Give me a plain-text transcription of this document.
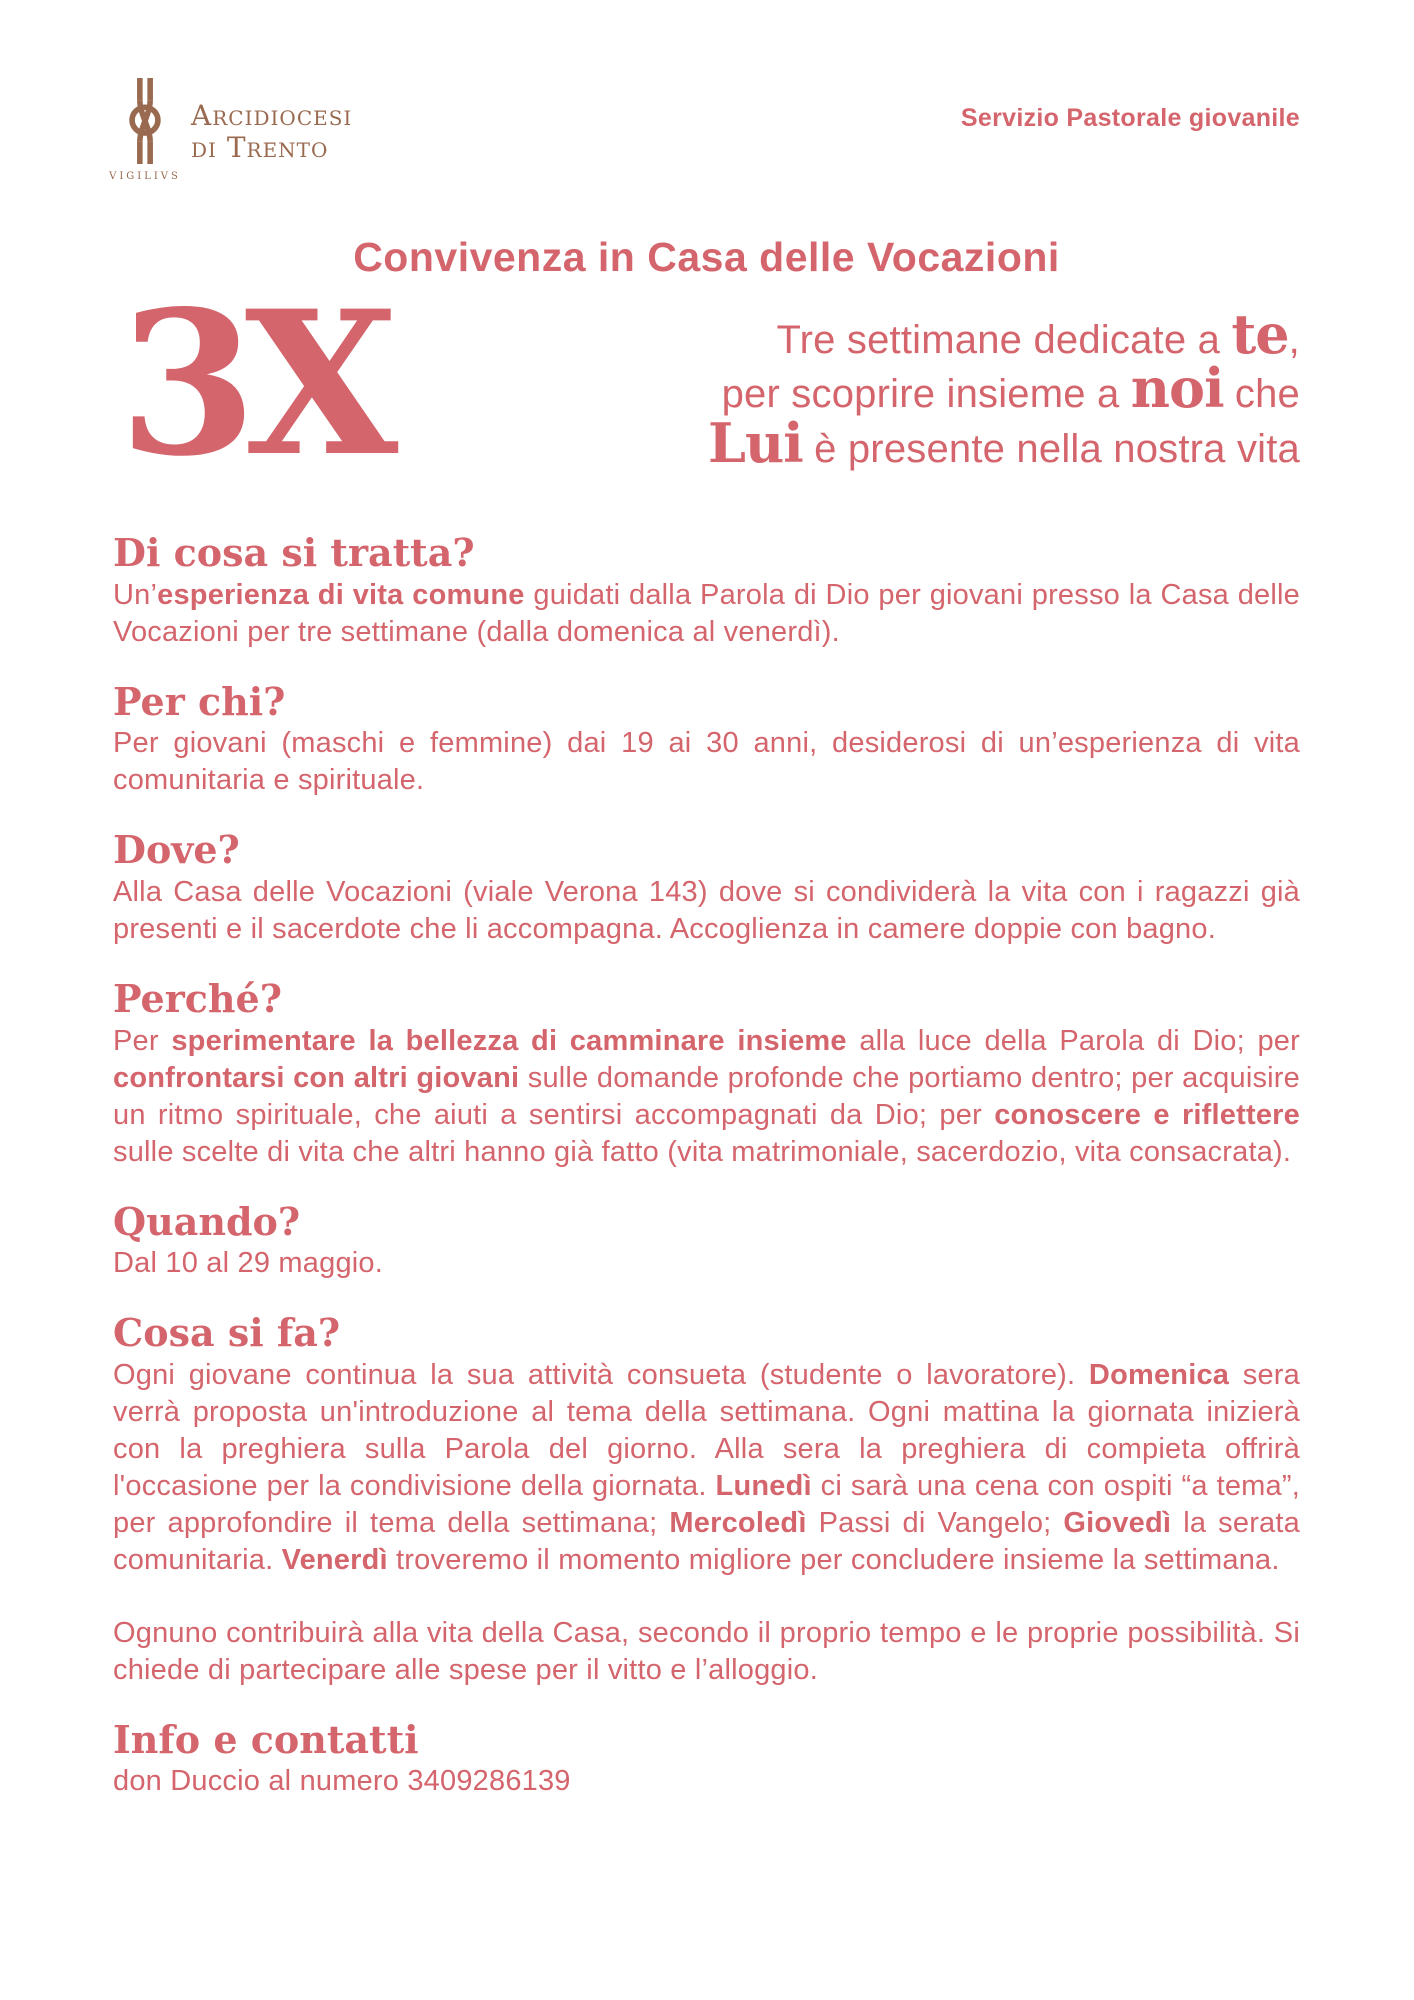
VIGILIVS
Arcidiocesi
di Trento
Servizio Pastorale giovanile
Convivenza in Casa delle Vocazioni
3X	Tre settimane dedicate a te,
per scoprire insieme a noi che
Lui è presente nella nostra vita
Di cosa si tratta?

Un’esperienza di vita comune guidati dalla Parola di Dio per giovani presso la Casa delle Vocazioni per tre settimane (dalla domenica al venerdì).

Per chi?

Per giovani (maschi e femmine) dai 19 ai 30 anni, desiderosi di un’esperienza di vita comunitaria e spirituale.

Dove?

Alla Casa delle Vocazioni (viale Verona 143) dove si condividerà la vita con i ragazzi già presenti e il sacerdote che li accompagna. Accoglienza in camere doppie con bagno.

Perché?

Per sperimentare la bellezza di camminare insieme alla luce della Parola di Dio; per confrontarsi con altri giovani sulle domande profonde che portiamo dentro; per acquisire un ritmo spirituale, che aiuti a sentirsi accompagnati da Dio; per conoscere e riflettere sulle scelte di vita che altri hanno già fatto (vita matrimoniale, sacerdozio, vita consacrata).

Quando?

Dal 10 al 29 maggio.

Cosa si fa?

Ogni giovane continua la sua attività consueta (studente o lavoratore). Domenica sera verrà proposta un'introduzione al tema della settimana. Ogni mattina la giornata inizierà con la preghiera sulla Parola del giorno. Alla sera la preghiera di compieta offrirà l'occasione per la condivisione della giornata. Lunedì ci sarà una cena con ospiti “a tema”, per approfondire il tema della settimana; Mercoledì Passi di Vangelo; Giovedì la serata comunitaria. Venerdì troveremo il momento migliore per concludere insieme la settimana.

Ognuno contribuirà alla vita della Casa, secondo il proprio tempo e le proprie possibilità. Si chiede di partecipare alle spese per il vitto e l’alloggio.

Info e contatti

don Duccio al numero 3409286139
